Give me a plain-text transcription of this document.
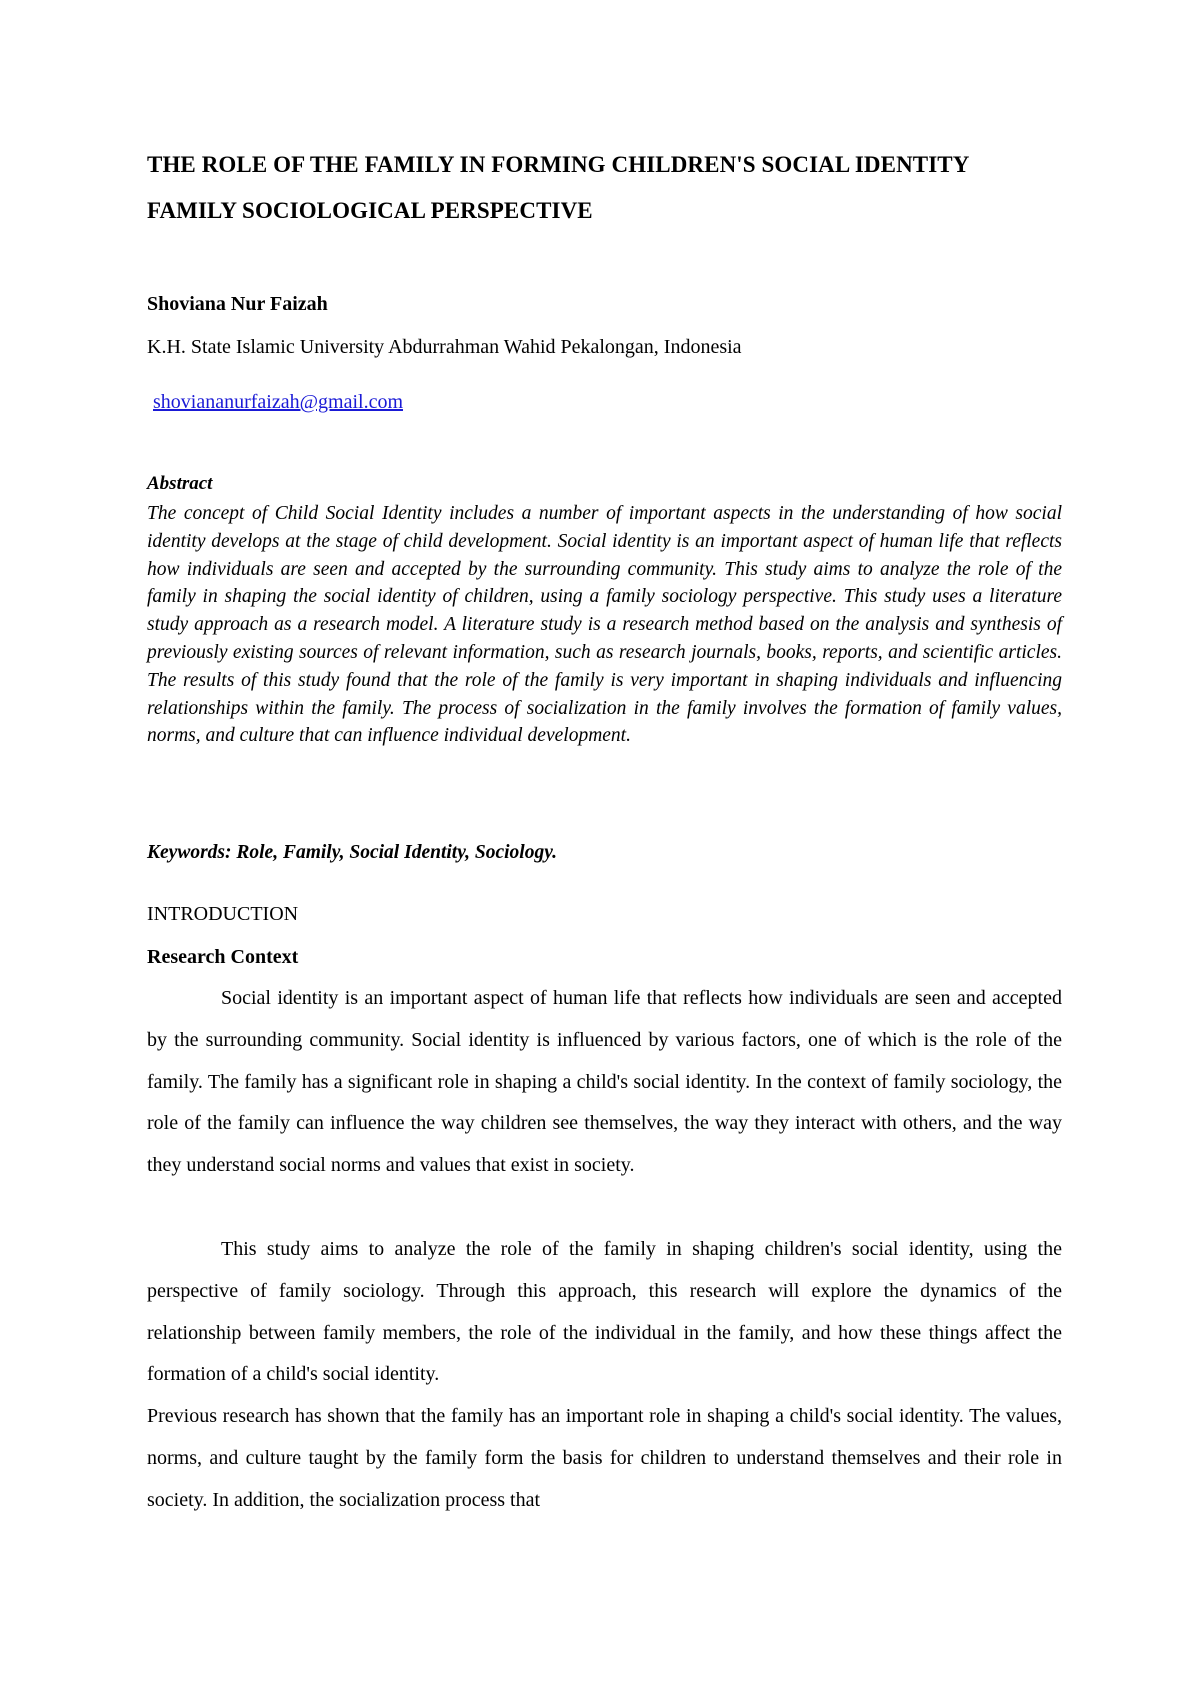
THE ROLE OF THE FAMILY IN FORMING CHILDREN'S SOCIAL IDENTITY FAMILY SOCIOLOGICAL PERSPECTIVE
Shoviana Nur Faizah
K.H. State Islamic University Abdurrahman Wahid Pekalongan, Indonesia
shoviananurfaizah@gmail.com
Abstract

The concept of Child Social Identity includes a number of important aspects in the understanding of how social identity develops at the stage of child development. Social identity is an important aspect of human life that reflects how individuals are seen and accepted by the surrounding community. This study aims to analyze the role of the family in shaping the social identity of children, using a family sociology perspective. This study uses a literature study approach as a research model. A literature study is a research method based on the analysis and synthesis of previously existing sources of relevant information, such as research journals, books, reports, and scientific articles. The results of this study found that the role of the family is very important in shaping individuals and influencing relationships within the family. The process of socialization in the family involves the formation of family values, norms, and culture that can influence individual development.

Keywords: Role, Family, Social Identity, Sociology.
INTRODUCTION
Research Context

Social identity is an important aspect of human life that reflects how individuals are seen and accepted by the surrounding community. Social identity is influenced by various factors, one of which is the role of the family. The family has a significant role in shaping a child's social identity. In the context of family sociology, the role of the family can influence the way children see themselves, the way they interact with others, and the way they understand social norms and values that exist in society.

This study aims to analyze the role of the family in shaping children's social identity, using the perspective of family sociology. Through this approach, this research will explore the dynamics of the relationship between family members, the role of the individual in the family, and how these things affect the formation of a child's social identity.

Previous research has shown that the family has an important role in shaping a child's social identity. The values, norms, and culture taught by the family form the basis for children to understand themselves and their role in society. In addition, the socialization process that
